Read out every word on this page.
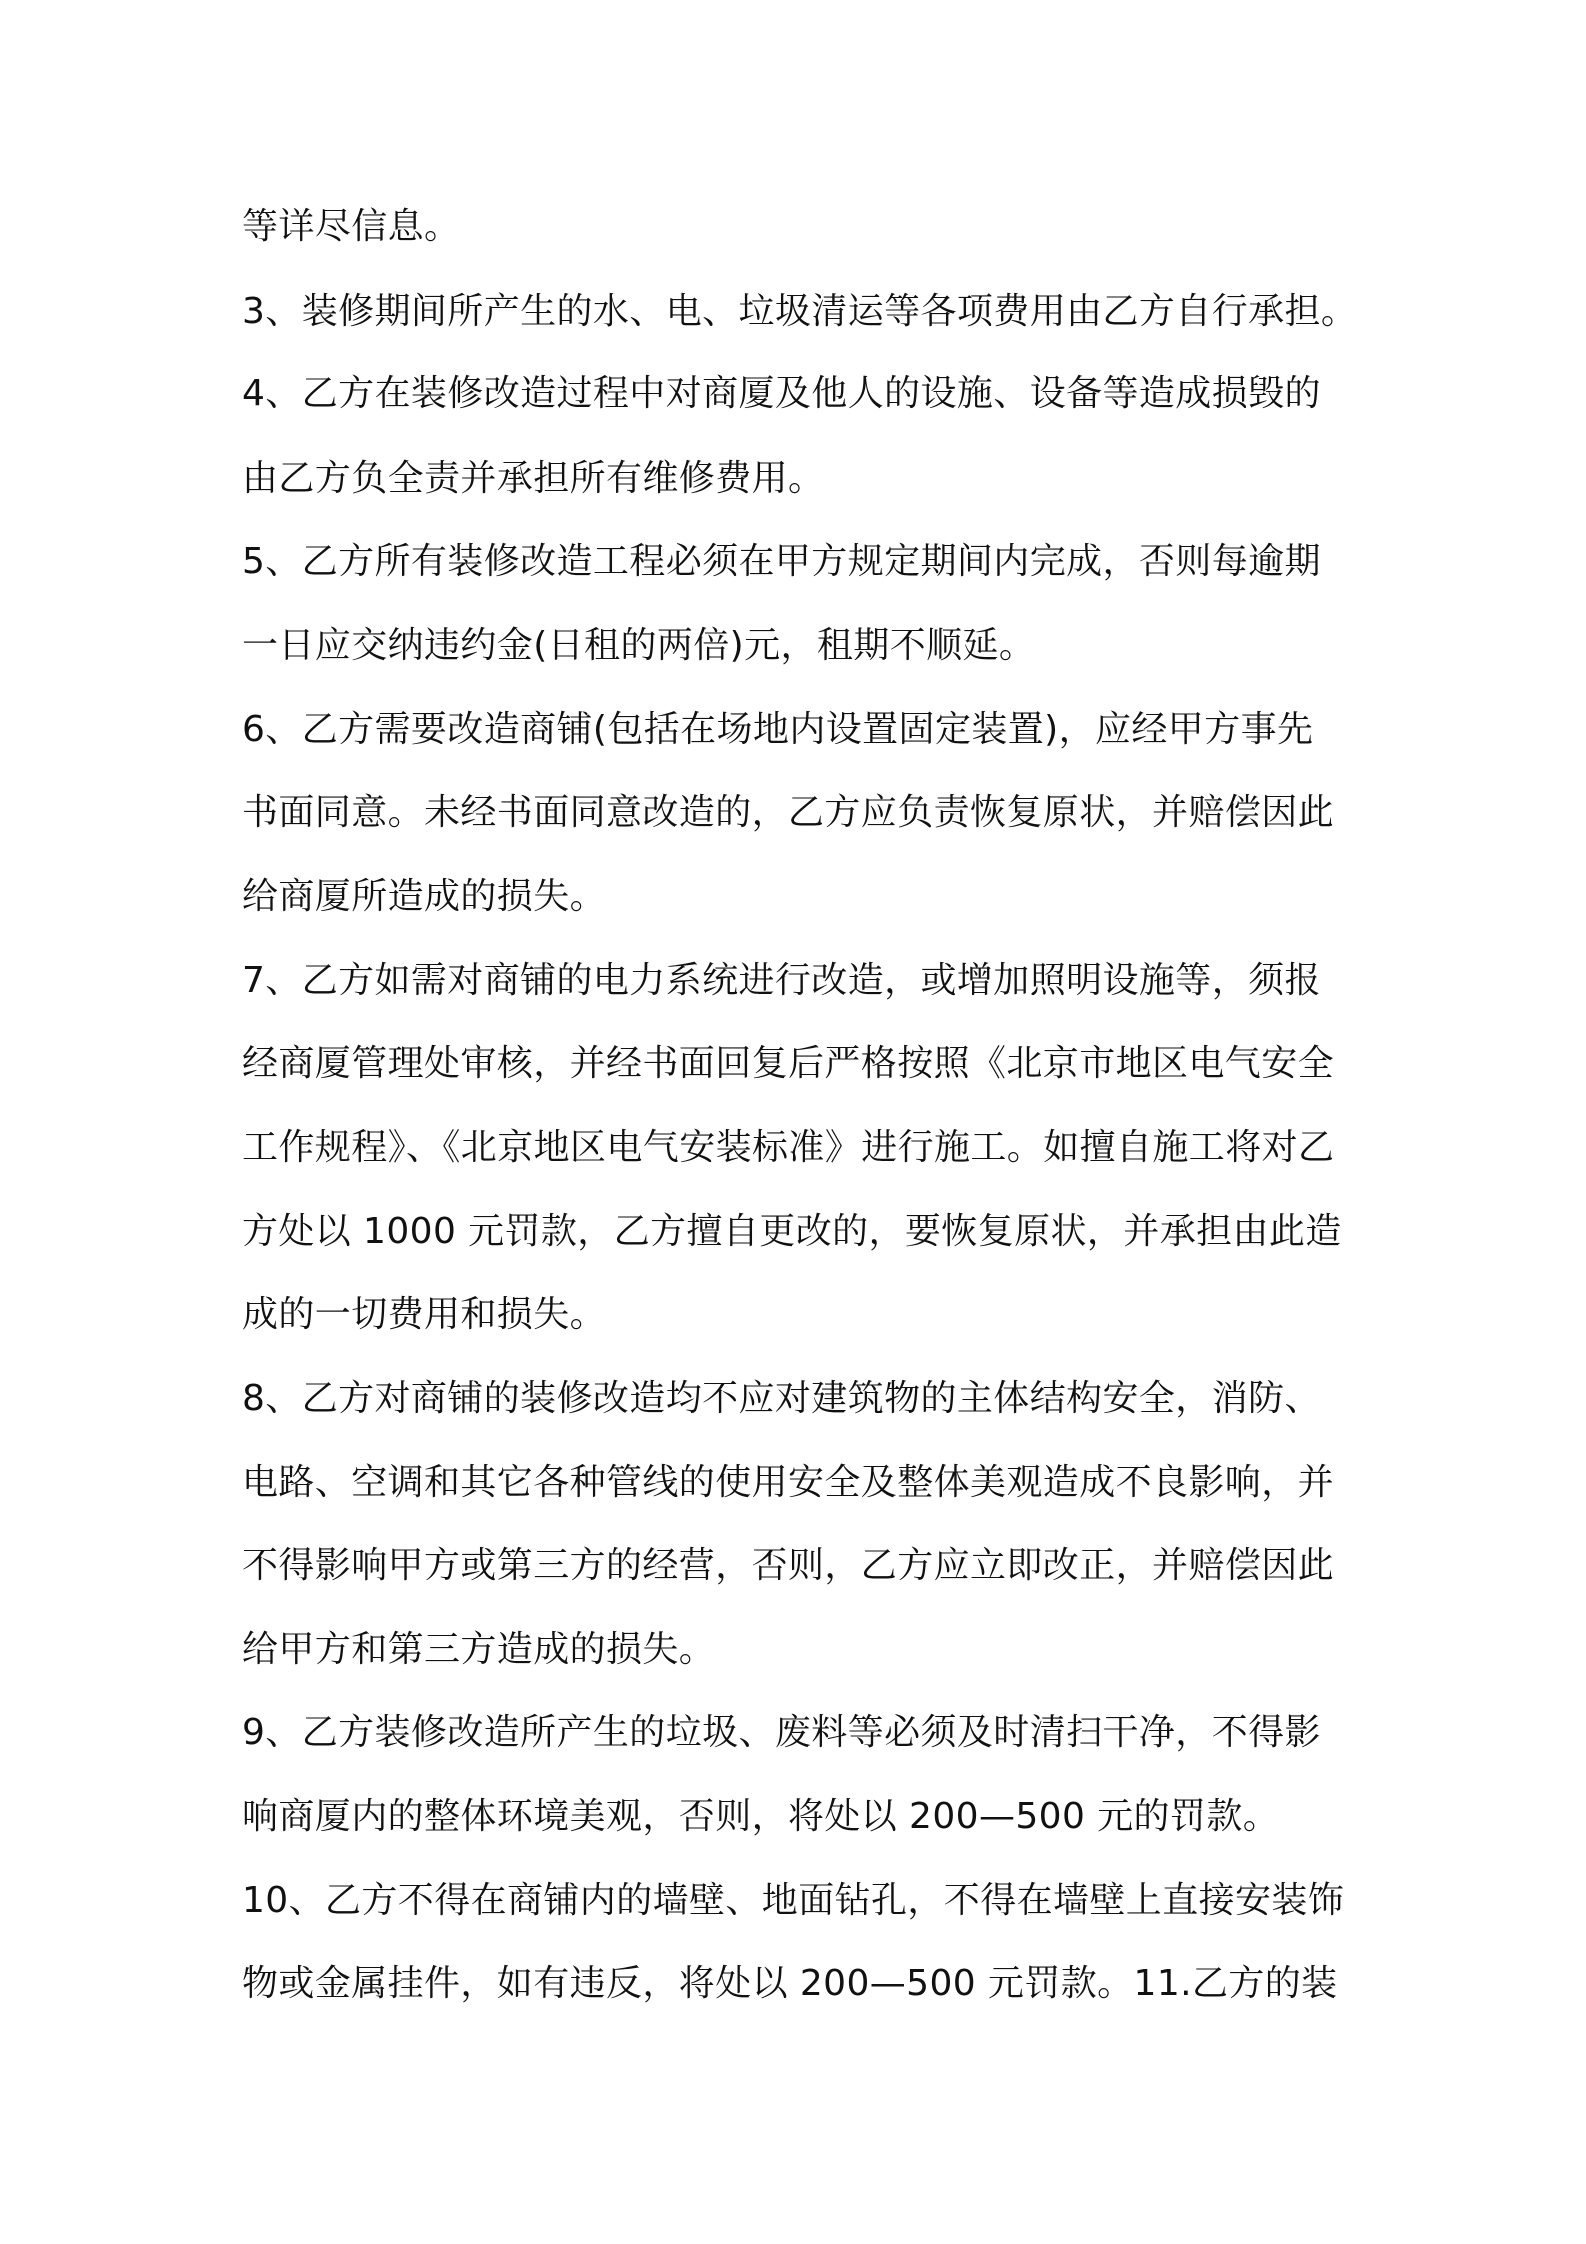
等详尽信息。
3、装修期间所产生的水、电、垃圾清运等各项费用由乙方自行承担。
4、乙方在装修改造过程中对商厦及他人的设施、设备等造成损毁的
由乙方负全责并承担所有维修费用。
5、乙方所有装修改造工程必须在甲方规定期间内完成，否则每逾期
一日应交纳违约金(日租的两倍)元，租期不顺延。
6、乙方需要改造商铺(包括在场地内设置固定装置)，应经甲方事先
书面同意。未经书面同意改造的，乙方应负责恢复原状，并赔偿因此
给商厦所造成的损失。
7、乙方如需对商铺的电力系统进行改造，或增加照明设施等，须报
经商厦管理处审核，并经书面回复后严格按照《北京市地区电气安全
工作规程》、《北京地区电气安装标准》进行施工。如擅自施工将对乙
方处以 1000 元罚款，乙方擅自更改的，要恢复原状，并承担由此造
成的一切费用和损失。
8、乙方对商铺的装修改造均不应对建筑物的主体结构安全，消防、
电路、空调和其它各种管线的使用安全及整体美观造成不良影响，并
不得影响甲方或第三方的经营，否则，乙方应立即改正，并赔偿因此
给甲方和第三方造成的损失。
9、乙方装修改造所产生的垃圾、废料等必须及时清扫干净，不得影
响商厦内的整体环境美观，否则，将处以 200—500 元的罚款。
10、乙方不得在商铺内的墙壁、地面钻孔，不得在墙壁上直接安装饰
物或金属挂件，如有违反，将处以 200—500 元罚款。11.乙方的装
